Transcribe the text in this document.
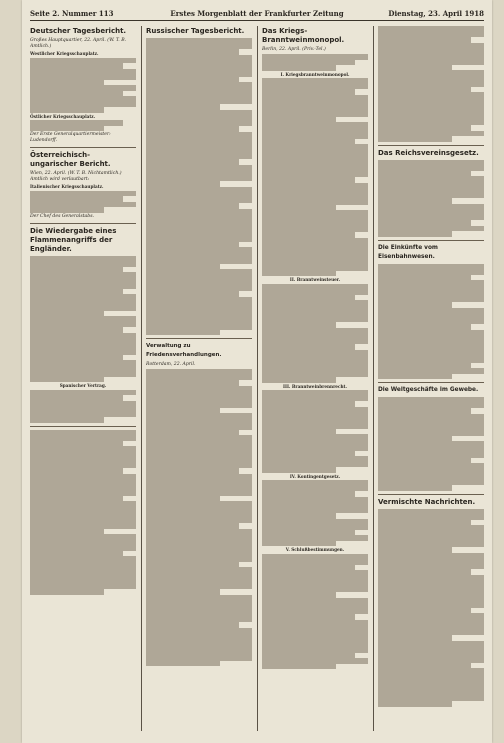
Seite 2. Nummer 113	Erstes Morgenblatt der Frankfurter Zeitung	Dienstag, 23. April 1918
Deutscher Tagesbericht.
Großes Hauptquartier, 22. April. (W. T. B. Amtlich.)
Westlicher Kriegsschauplatz.
Östlicher Kriegsschauplatz.
Der Erste Generalquartiermeister: Ludendorff.
Österreichisch-ungarischer Bericht.
Wien, 22. April. (W. T. B. Nichtamtlich.) Amtlich wird verlautbart:
Italienischer Kriegsschauplatz.
Der Chef des Generalstabs.
Die Wiedergabe eines Flammenangriffs der Engländer.
Spanischer Vertrag.
Russischer Tagesbericht.
Verwaltung zu Friedensverhandlungen.
Rotterdam, 22. April.
Das Kriegs-Branntweinmonopol.
Berlin, 22. April. (Priv.-Tel.)
I. Kriegsbranntweinmonopol.
II. Branntweinsteuer.
III. Branntweinbrennrecht.
IV. Kontingentgesetz.
V. Schlußbestimmungen.
Das Reichsvereinsgesetz.
Die Einkünfte vom Eisenbahnwesen.
Die Weltgeschäfte im Gewebe.
Vermischte Nachrichten.
